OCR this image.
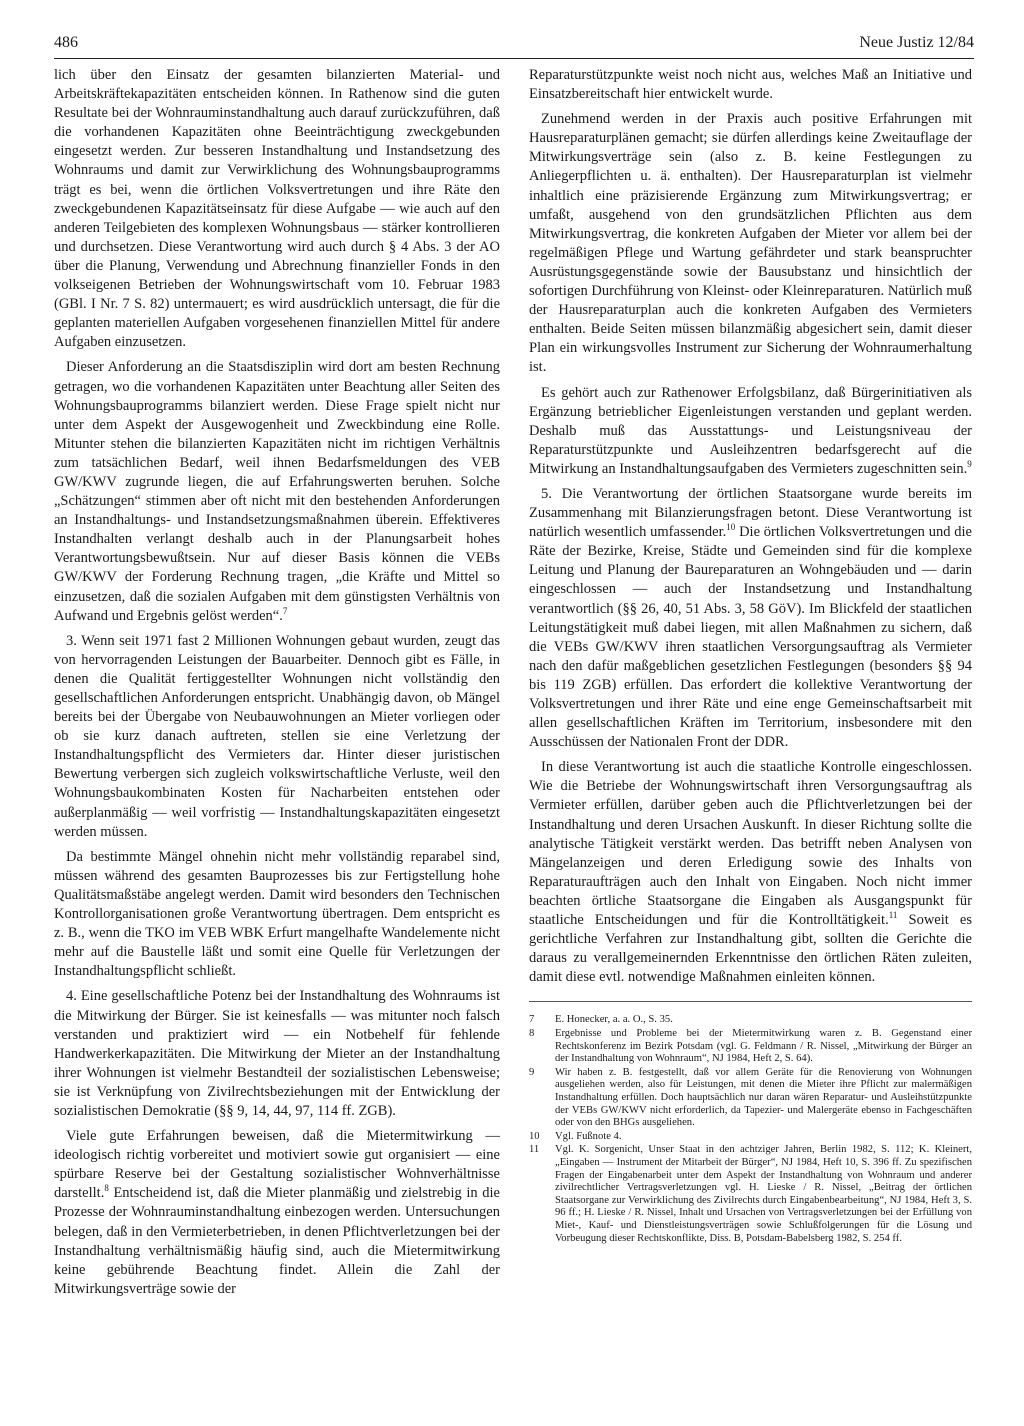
486	Neue Justiz 12/84

lich über den Einsatz der gesamten bilanzierten Material- und Arbeitskräftekapazitäten entscheiden können. In Rathenow sind die guten Resultate bei der Wohnrauminstandhaltung auch darauf zurückzuführen, daß die vorhandenen Kapazitäten ohne Beeinträchtigung zweckgebunden eingesetzt werden. Zur besseren Instandhaltung und Instandsetzung des Wohnraums und damit zur Verwirklichung des Wohnungsbauprogramms trägt es bei, wenn die örtlichen Volksvertretungen und ihre Räte den zweckgebundenen Kapazitätseinsatz für diese Aufgabe — wie auch auf den anderen Teilgebieten des komplexen Wohnungsbaus — stärker kontrollieren und durchsetzen. Diese Verantwortung wird auch durch § 4 Abs. 3 der AO über die Planung, Verwendung und Abrechnung finanzieller Fonds in den volkseigenen Betrieben der Wohnungswirtschaft vom 10. Februar 1983 (GBl. I Nr. 7 S. 82) untermauert; es wird ausdrücklich untersagt, die für die geplanten materiellen Aufgaben vorgesehenen finanziellen Mittel für andere Aufgaben einzusetzen.

Dieser Anforderung an die Staatsdisziplin wird dort am besten Rechnung getragen, wo die vorhandenen Kapazitäten unter Beachtung aller Seiten des Wohnungsbauprogramms bilanziert werden. Diese Frage spielt nicht nur unter dem Aspekt der Ausgewogenheit und Zweckbindung eine Rolle. Mitunter stehen die bilanzierten Kapazitäten nicht im richtigen Verhältnis zum tatsächlichen Bedarf, weil ihnen Bedarfsmeldungen des VEB GW/KWV zugrunde liegen, die auf Erfahrungswerten beruhen. Solche „Schätzungen“ stimmen aber oft nicht mit den bestehenden Anforderungen an Instandhaltungs- und Instandsetzungsmaßnahmen überein. Effektiveres Instandhalten verlangt deshalb auch in der Planungsarbeit hohes Verantwortungsbewußtsein. Nur auf dieser Basis können die VEBs GW/KWV der Forderung Rechnung tragen, „die Kräfte und Mittel so einzusetzen, daß die sozialen Aufgaben mit dem günstigsten Verhältnis von Aufwand und Ergebnis gelöst werden“.$^7$

3. Wenn seit 1971 fast 2 Millionen Wohnungen gebaut wurden, zeugt das von hervorragenden Leistungen der Bauarbeiter. Dennoch gibt es Fälle, in denen die Qualität fertiggestellter Wohnungen nicht vollständig den gesellschaftlichen Anforderungen entspricht. Unabhängig davon, ob Mängel bereits bei der Übergabe von Neubauwohnungen an Mieter vorliegen oder ob sie kurz danach auftreten, stellen sie eine Verletzung der Instandhaltungspflicht des Vermieters dar. Hinter dieser juristischen Bewertung verbergen sich zugleich volkswirtschaftliche Verluste, weil den Wohnungsbaukombinaten Kosten für Nacharbeiten entstehen oder außerplanmäßig — weil vorfristig — Instandhaltungskapazitäten eingesetzt werden müssen.

Da bestimmte Mängel ohnehin nicht mehr vollständig reparabel sind, müssen während des gesamten Bauprozesses bis zur Fertigstellung hohe Qualitätsmaßstäbe angelegt werden. Damit wird besonders den Technischen Kontrollorganisationen große Verantwortung übertragen. Dem entspricht es z. B., wenn die TKO im VEB WBK Erfurt mangelhafte Wandelemente nicht mehr auf die Baustelle läßt und somit eine Quelle für Verletzungen der Instandhaltungspflicht schließt.

4. Eine gesellschaftliche Potenz bei der Instandhaltung des Wohnraums ist die Mitwirkung der Bürger. Sie ist keinesfalls — was mitunter noch falsch verstanden und praktiziert wird — ein Notbehelf für fehlende Handwerkerkapazitäten. Die Mitwirkung der Mieter an der Instandhaltung ihrer Wohnungen ist vielmehr Bestandteil der sozialistischen Lebensweise; sie ist Verknüpfung von Zivilrechtsbeziehungen mit der Entwicklung der sozialistischen Demokratie (§§ 9, 14, 44, 97, 114 ff. ZGB).

Viele gute Erfahrungen beweisen, daß die Mietermitwirkung — ideologisch richtig vorbereitet und motiviert sowie gut organisiert — eine spürbare Reserve bei der Gestaltung sozialistischer Wohnverhältnisse darstellt.$^8$ Entscheidend ist, daß die Mieter planmäßig und zielstrebig in die Prozesse der Wohnrauminstandhaltung einbezogen werden. Untersuchungen belegen, daß in den Vermieterbetrieben, in denen Pflichtverletzungen bei der Instandhaltung verhältnismäßig häufig sind, auch die Mietermitwirkung keine gebührende Beachtung findet. Allein die Zahl der Mitwirkungsverträge sowie der

Reparaturstützpunkte weist noch nicht aus, welches Maß an Initiative und Einsatzbereitschaft hier entwickelt wurde.

Zunehmend werden in der Praxis auch positive Erfahrungen mit Hausreparaturplänen gemacht; sie dürfen allerdings keine Zweitauflage der Mitwirkungsverträge sein (also z. B. keine Festlegungen zu Anliegerpflichten u. ä. enthalten). Der Hausreparaturplan ist vielmehr inhaltlich eine präzisierende Ergänzung zum Mitwirkungsvertrag; er umfaßt, ausgehend von den grundsätzlichen Pflichten aus dem Mitwirkungsvertrag, die konkreten Aufgaben der Mieter vor allem bei der regelmäßigen Pflege und Wartung gefährdeter und stark beanspruchter Ausrüstungsgegenstände sowie der Bausubstanz und hinsichtlich der sofortigen Durchführung von Kleinst- oder Kleinreparaturen. Natürlich muß der Hausreparaturplan auch die konkreten Aufgaben des Vermieters enthalten. Beide Seiten müssen bilanzmäßig abgesichert sein, damit dieser Plan ein wirkungsvolles Instrument zur Sicherung der Wohnraumerhaltung ist.

Es gehört auch zur Rathenower Erfolgsbilanz, daß Bürgerinitiativen als Ergänzung betrieblicher Eigenleistungen verstanden und geplant werden. Deshalb muß das Ausstattungs- und Leistungsniveau der Reparaturstützpunkte und Ausleihzentren bedarfsgerecht auf die Mitwirkung an Instandhaltungsaufgaben des Vermieters zugeschnitten sein.$^9$

5. Die Verantwortung der örtlichen Staatsorgane wurde bereits im Zusammenhang mit Bilanzierungsfragen betont. Diese Verantwortung ist natürlich wesentlich umfassender.$^{10}$ Die örtlichen Volksvertretungen und die Räte der Bezirke, Kreise, Städte und Gemeinden sind für die komplexe Leitung und Planung der Baureparaturen an Wohngebäuden und — darin eingeschlossen — auch der Instandsetzung und Instandhaltung verantwortlich (§§ 26, 40, 51 Abs. 3, 58 GöV). Im Blickfeld der staatlichen Leitungstätigkeit muß dabei liegen, mit allen Maßnahmen zu sichern, daß die VEBs GW/KWV ihren staatlichen Versorgungsauftrag als Vermieter nach den dafür maßgeblichen gesetzlichen Festlegungen (besonders §§ 94 bis 119 ZGB) erfüllen. Das erfordert die kollektive Verantwortung der Volksvertretungen und ihrer Räte und eine enge Gemeinschaftsarbeit mit allen gesellschaftlichen Kräften im Territorium, insbesondere mit den Ausschüssen der Nationalen Front der DDR.

In diese Verantwortung ist auch die staatliche Kontrolle eingeschlossen. Wie die Betriebe der Wohnungswirtschaft ihren Versorgungsauftrag als Vermieter erfüllen, darüber geben auch die Pflichtverletzungen bei der Instandhaltung und deren Ursachen Auskunft. In dieser Richtung sollte die analytische Tätigkeit verstärkt werden. Das betrifft neben Analysen von Mängelanzeigen und deren Erledigung sowie des Inhalts von Reparaturaufträgen auch den Inhalt von Eingaben. Noch nicht immer beachten örtliche Staatsorgane die Eingaben als Ausgangspunkt für staatliche Entscheidungen und für die Kontrolltätigkeit.$^{11}$ Soweit es gerichtliche Verfahren zur Instandhaltung gibt, sollten die Gerichte die daraus zu verallgemeinernden Erkenntnisse den örtlichen Räten zuleiten, damit diese evtl. notwendige Maßnahmen einleiten können.

7 E. Honecker, a. a. O., S. 35.
8 Ergebnisse und Probleme bei der Mietermitwirkung waren z. B. Gegenstand einer Rechtskonferenz im Bezirk Potsdam (vgl. G. Feldmann / R. Nissel, „Mitwirkung der Bürger an der Instandhaltung von Wohnraum“, NJ 1984, Heft 2, S. 64).
9 Wir haben z. B. festgestellt, daß vor allem Geräte für die Renovierung von Wohnungen ausgeliehen werden, also für Leistungen, mit denen die Mieter ihre Pflicht zur malermäßigen Instandhaltung erfüllen. Doch hauptsächlich nur daran wären Reparatur- und Ausleihstützpunkte der VEBs GW/KWV nicht erforderlich, da Tapezier- und Malergeräte ebenso in Fachgeschäften oder von den BHGs ausgeliehen.
10 Vgl. Fußnote 4.
11 Vgl. K. Sorgenicht, Unser Staat in den achtziger Jahren, Berlin 1982, S. 112; K. Kleinert, „Eingaben — Instrument der Mitarbeit der Bürger“, NJ 1984, Heft 10, S. 396 ff. Zu spezifischen Fragen der Eingabenarbeit unter dem Aspekt der Instandhaltung von Wohnraum und anderer zivilrechtlicher Vertragsverletzungen vgl. H. Lieske / R. Nissel, „Beitrag der örtlichen Staatsorgane zur Verwirklichung des Zivilrechts durch Eingabenbearbeitung“, NJ 1984, Heft 3, S. 96 ff.; H. Lieske / R. Nissel, Inhalt und Ursachen von Vertragsverletzungen bei der Erfüllung von Miet-, Kauf- und Dienstleistungsverträgen sowie Schlußfolgerungen für die Lösung und Vorbeugung dieser Rechtskonflikte, Diss. B, Potsdam-Babelsberg 1982, S. 254 ff.
